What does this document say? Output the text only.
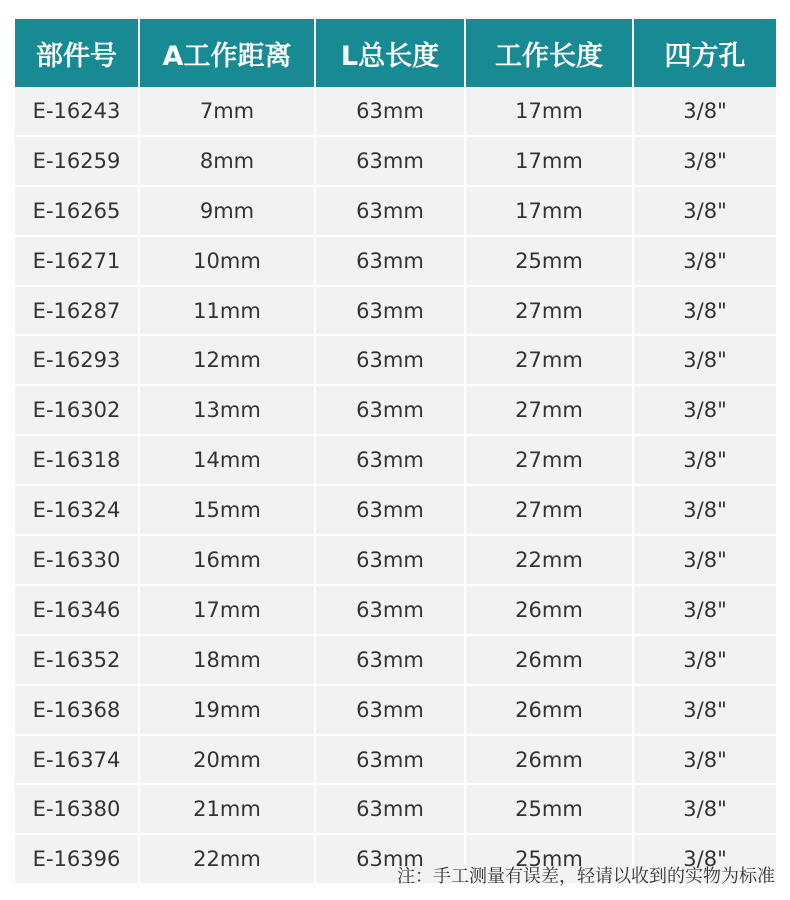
部件号	A工作距离	L总长度	工作长度	四方孔
E-16243	7mm	63mm	17mm	3/8"
E-16259	8mm	63mm	17mm	3/8"
E-16265	9mm	63mm	17mm	3/8"
E-16271	10mm	63mm	25mm	3/8"
E-16287	11mm	63mm	27mm	3/8"
E-16293	12mm	63mm	27mm	3/8"
E-16302	13mm	63mm	27mm	3/8"
E-16318	14mm	63mm	27mm	3/8"
E-16324	15mm	63mm	27mm	3/8"
E-16330	16mm	63mm	22mm	3/8"
E-16346	17mm	63mm	26mm	3/8"
E-16352	18mm	63mm	26mm	3/8"
E-16368	19mm	63mm	26mm	3/8"
E-16374	20mm	63mm	26mm	3/8"
E-16380	21mm	63mm	25mm	3/8"
E-16396	22mm	63mm	25mm	3/8"
注：手工测量有误差，轻请以收到的实物为标准
